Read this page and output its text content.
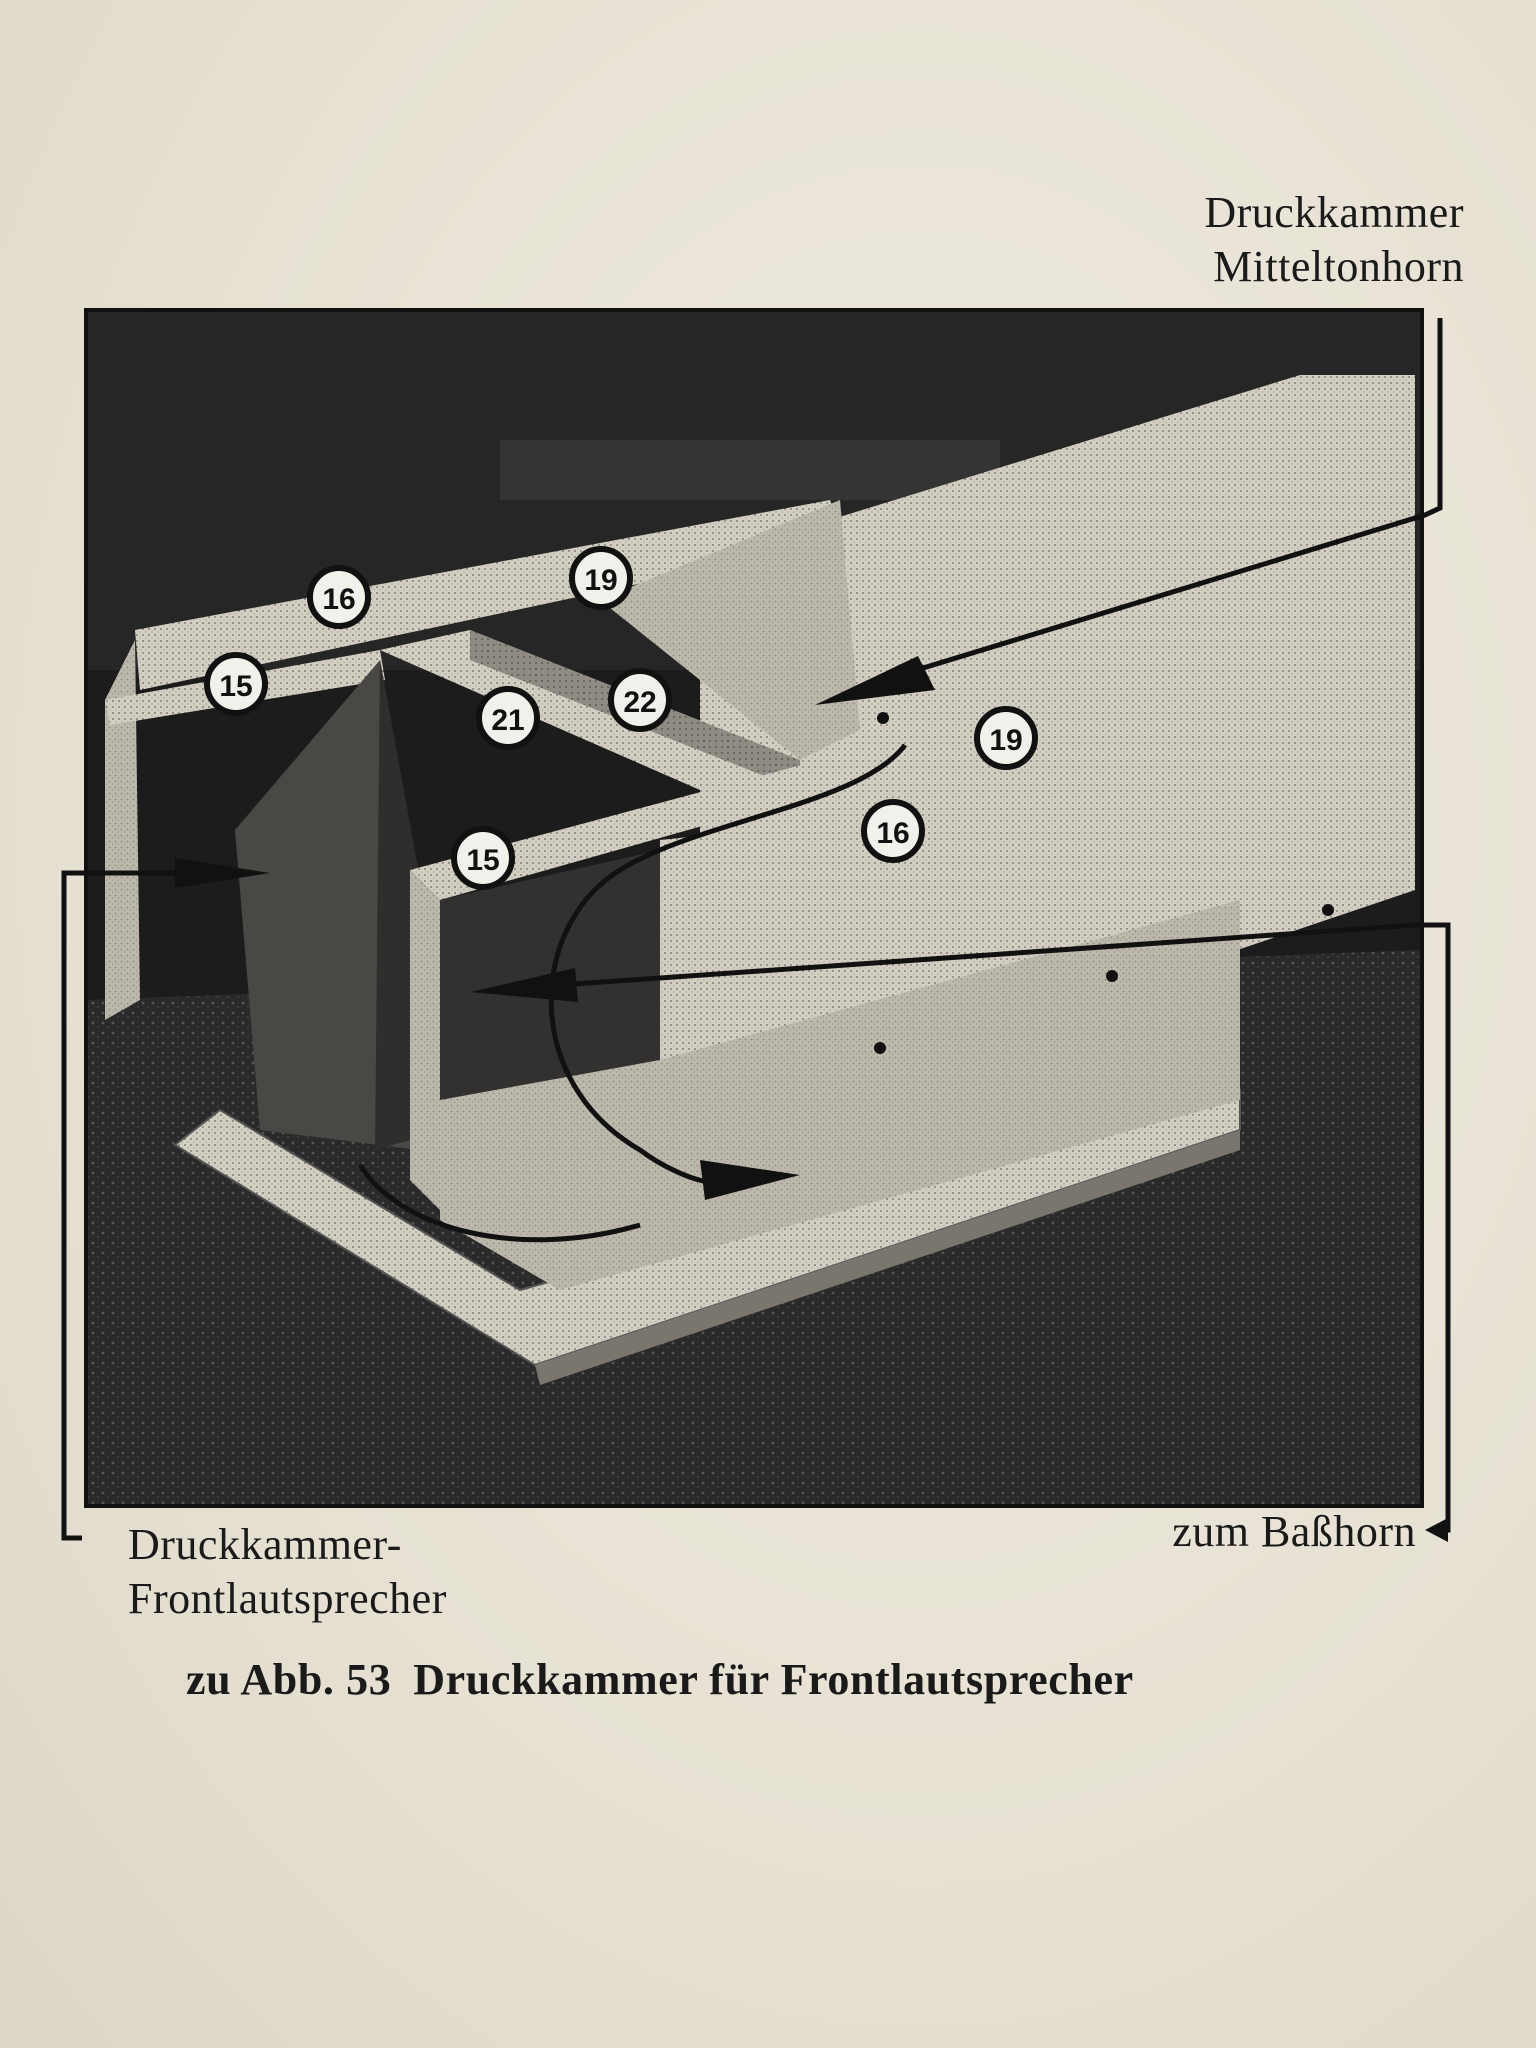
16
19
15
21
22
19
16
15
Druckkammer
Mitteltonhorn
Druckkammer-
Frontlautsprecher
zum Baßhorn
zu Abb. 53 Druckkammer für Frontlautsprecher
